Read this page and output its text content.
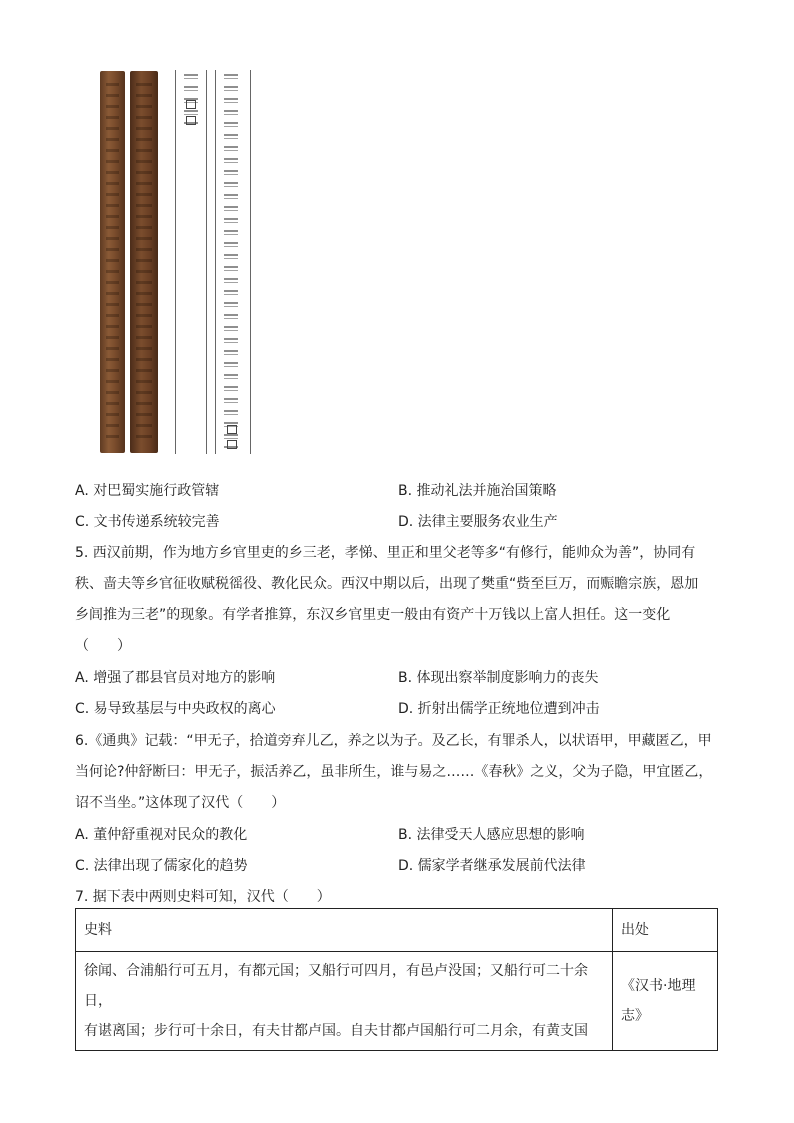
A. 对巴蜀实施行政管辖	B. 推动礼法并施治国策略
C. 文书传递系统较完善	D. 法律主要服务农业生产
5. 西汉前期，作为地方乡官里吏的乡三老，孝悌、里正和里父老等多“有修行，能帅众为善”，协同有
秩、啬夫等乡官征收赋税徭役、教化民众。西汉中期以后，出现了樊重“赀至巨万，而赈瞻宗族，恩加
乡闾推为三老”的现象。有学者推算，东汉乡官里吏一般由有资产十万钱以上富人担任。这一变化
（　　）
A. 增强了郡县官员对地方的影响	B. 体现出察举制度影响力的丧失
C. 易导致基层与中央政权的离心	D. 折射出儒学正统地位遭到冲击
6.《通典》记载：“甲无子，拾道旁弃儿乙，养之以为子。及乙长，有罪杀人，以状语甲，甲藏匿乙，甲
当何论?仲舒断曰：甲无子，振活养乙，虽非所生，谁与易之……《春秋》之义，父为子隐，甲宜匿乙，
诏不当坐。”这体现了汉代（　　）
A. 董仲舒重视对民众的教化	B. 法律受天人感应思想的影响
C. 法律出现了儒家化的趋势	D. 儒家学者继承发展前代法律
7. 据下表中两则史料可知，汉代（　　）
史料	出处

徐闻、合浦船行可五月，有都元国；又船行可四月，有邑卢没国；又船行可二十余
日，
有谌离国；步行可十余日，有夫甘都卢国。自夫甘都卢国船行可二月余，有黄支国	《汉书·地理志》
